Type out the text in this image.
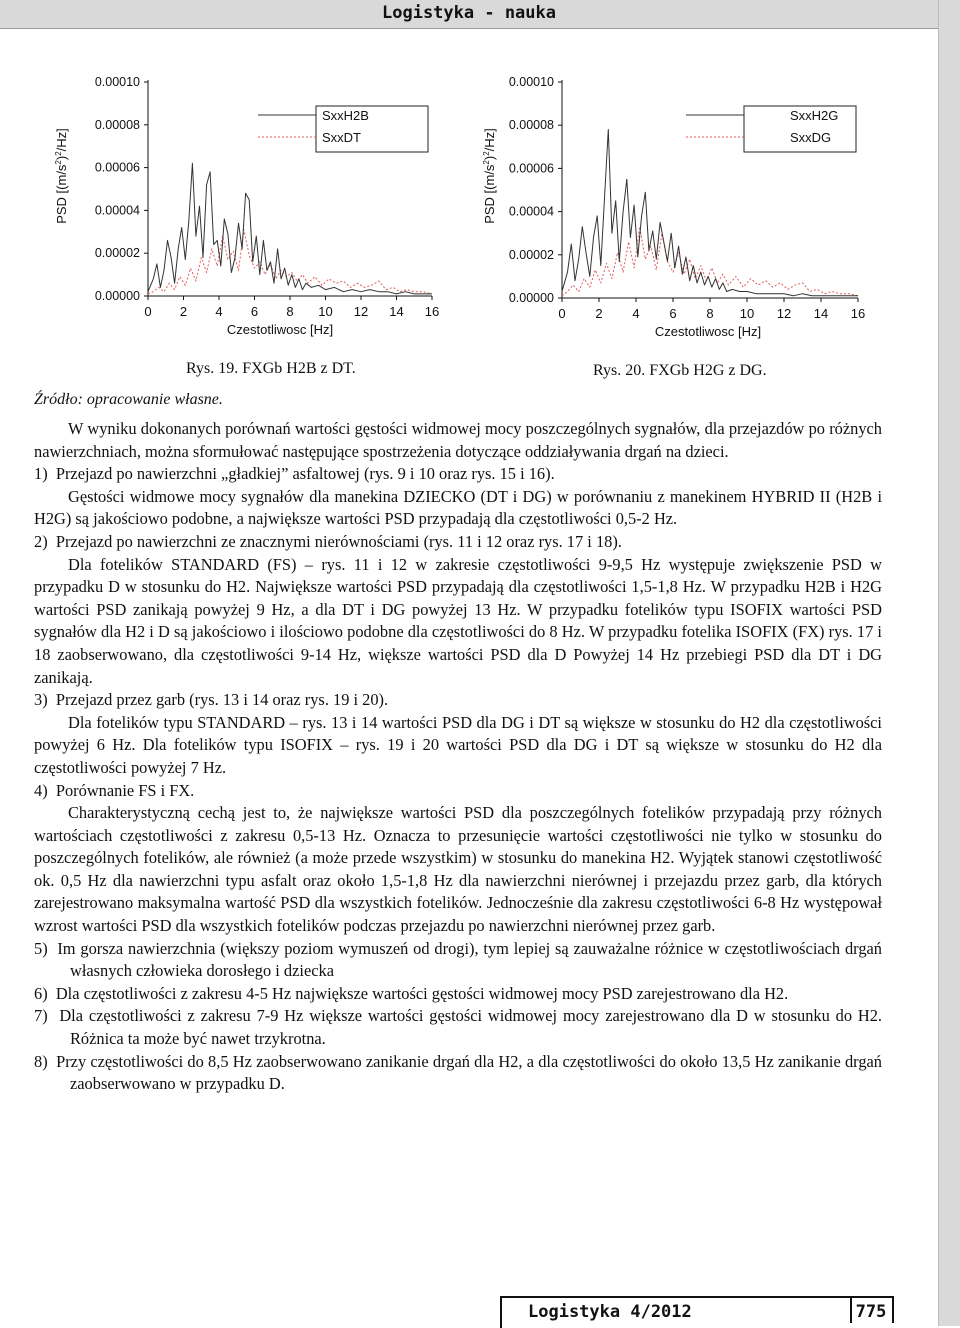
Logistyka - nauka
PSD $[(m/s^2)^2/Hz]$
Czestotliwosc [Hz]
0 2 4 6 8 10 12 14 16
0.00000
0.00002
0.00004
0.00006
0.00008
0.00010
SxxH2B
SxxDT
PSD $[(m/s^2)^2/Hz]$
Czestotliwosc [Hz]
0 2 4 6 8 10 12 14 16
0.00000
0.00002
0.00004
0.00006
0.00008
0.00010
SxxH2G
SxxDG
Rys. 19. FXGb H2B z DT.	Rys. 20. FXGb H2G z DG.
Źródło: opracowanie własne.

W wyniku dokonanych porównań wartości gęstości widmowej mocy poszczególnych sygnałów, dla przejazdów po różnych nawierzchniach, można sformułować następujące spostrzeżenia dotyczące oddziaływania drgań na dzieci.

1)  Przejazd po nawierzchni „gładkiej” asfaltowej (rys. 9 i 10 oraz rys. 15 i 16).

Gęstości widmowe mocy sygnałów dla manekina DZIECKO (DT i DG) w porównaniu z manekinem HYBRID II (H2B i H2G) są jakościowo podobne, a największe wartości PSD przypadają dla częstotliwości 0,5-2 Hz.

2)  Przejazd po nawierzchni ze znacznymi nierównościami (rys. 11 i 12 oraz rys. 17 i 18).

Dla fotelików STANDARD (FS) – rys. 11 i 12 w zakresie częstotliwości 9-9,5 Hz występuje zwiększenie PSD w przypadku D w stosunku do H2. Największe wartości PSD przypadają dla częstotliwości 1,5-1,8 Hz. W przypadku H2B i H2G wartości PSD zanikają powyżej 9 Hz, a dla DT i DG powyżej 13 Hz. W przypadku fotelików typu ISOFIX wartości PSD sygnałów dla H2 i D są jakościowo i ilościowo podobne dla częstotliwości do 8 Hz. W przypadku fotelika ISOFIX (FX) rys. 17 i 18 zaobserwowano, dla częstotliwości 9-14 Hz, większe wartości PSD dla D Powyżej 14 Hz przebiegi PSD dla DT i DG zanikają.

3)  Przejazd przez garb (rys. 13 i 14 oraz rys. 19 i 20).

Dla fotelików typu STANDARD – rys. 13 i 14 wartości PSD dla DG i DT są większe w stosunku do H2 dla częstotliwości powyżej 6 Hz. Dla fotelików typu ISOFIX – rys. 19 i 20 wartości PSD dla DG i DT są większe w stosunku do H2 dla częstotliwości powyżej 7 Hz.

4)  Porównanie FS i FX.

Charakterystyczną cechą jest to, że największe wartości PSD dla poszczególnych fotelików przypadają przy różnych wartościach częstotliwości z zakresu 0,5-13 Hz. Oznacza to przesunięcie wartości częstotliwości nie tylko w stosunku do poszczególnych fotelików, ale również (a może przede wszystkim) w stosunku do manekina H2. Wyjątek stanowi częstotliwość ok. 0,5 Hz dla nawierzchni typu asfalt oraz około 1,5-1,8 Hz dla nawierzchni nierównej i przejazdu przez garb, dla których zarejestrowano maksymalna wartość PSD dla wszystkich fotelików. Jednocześnie dla zakresu częstotliwości 6-8 Hz występował wzrost wartości PSD dla wszystkich fotelików podczas przejazdu po nawierzchni nierównej przez garb.

5)  Im gorsza nawierzchnia (większy poziom wymuszeń od drogi), tym lepiej są zauważalne różnice w częstotliwościach drgań własnych człowieka dorosłego i dziecka

6)  Dla częstotliwości z zakresu 4-5 Hz największe wartości gęstości widmowej mocy PSD zarejestrowano dla H2.

7)  Dla częstotliwości z zakresu 7-9 Hz większe wartości gęstości widmowej mocy zarejestrowano dla D w stosunku do H2. Różnica ta może być nawet trzykrotna.

8)  Przy częstotliwości do 8,5 Hz zaobserwowano zanikanie drgań dla H2, a dla częstotliwości do około 13,5 Hz zanikanie drgań zaobserwowano w przypadku D.

Logistyka 4/2012	775
